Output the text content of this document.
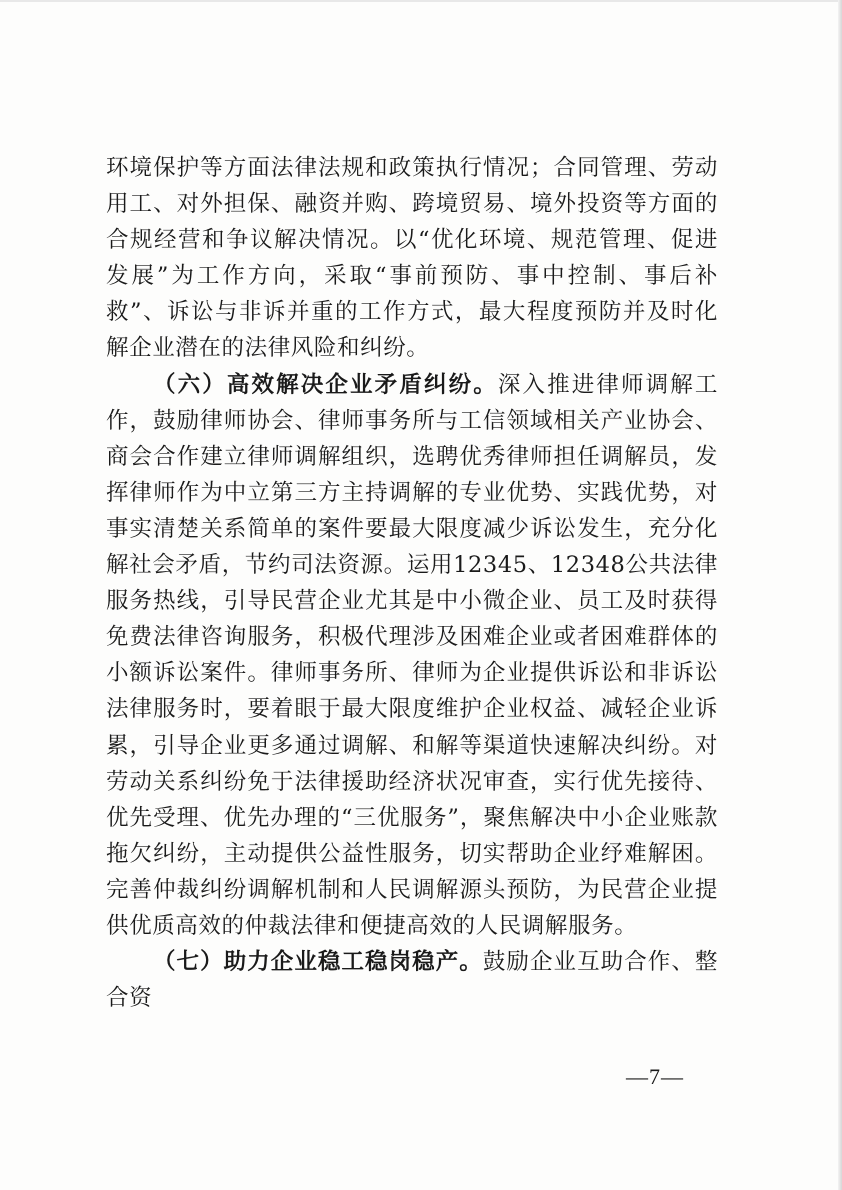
环境保护等方面法律法规和政策执行情况；合同管理、劳动用工、对外担保、融资并购、跨境贸易、境外投资等方面的合规经营和争议解决情况。以“优化环境、规范管理、促进发展”为工作方向，采取“事前预防、事中控制、事后补救”、诉讼与非诉并重的工作方式，最大程度预防并及时化解企业潜在的法律风险和纠纷。

（六）高效解决企业矛盾纠纷。深入推进律师调解工作，鼓励律师协会、律师事务所与工信领域相关产业协会、商会合作建立律师调解组织，选聘优秀律师担任调解员，发挥律师作为中立第三方主持调解的专业优势、实践优势，对事实清楚关系简单的案件要最大限度减少诉讼发生，充分化解社会矛盾，节约司法资源。运用12345、12348公共法律服务热线，引导民营企业尤其是中小微企业、员工及时获得免费法律咨询服务，积极代理涉及困难企业或者困难群体的小额诉讼案件。律师事务所、律师为企业提供诉讼和非诉讼法律服务时，要着眼于最大限度维护企业权益、减轻企业诉累，引导企业更多通过调解、和解等渠道快速解决纠纷。对劳动关系纠纷免于法律援助经济状况审查，实行优先接待、优先受理、优先办理的“三优服务”，聚焦解决中小企业账款拖欠纠纷，主动提供公益性服务，切实帮助企业纾难解困。完善仲裁纠纷调解机制和人民调解源头预防，为民营企业提供优质高效的仲裁法律和便捷高效的人民调解服务。

（七）助力企业稳工稳岗稳产。鼓励企业互助合作、整合资

—7—
